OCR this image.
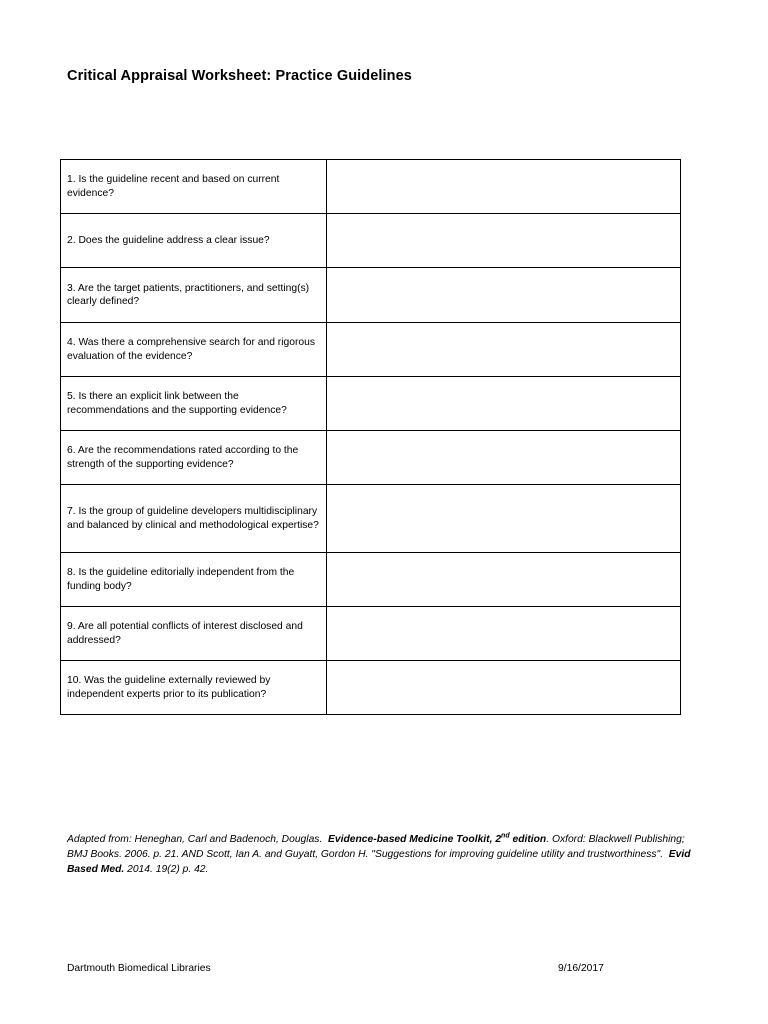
Critical Appraisal Worksheet: Practice Guidelines
1. Is the guideline recent and based on current evidence?	
2. Does the guideline address a clear issue?	
3. Are the target patients, practitioners, and setting(s) clearly defined?	
4. Was there a comprehensive search for and rigorous evaluation of the evidence?	
5. Is there an explicit link between the recommendations and the supporting evidence?	
6. Are the recommendations rated according to the strength of the supporting evidence?	
7. Is the group of guideline developers multidisciplinary and balanced by clinical and methodological expertise?	
8. Is the guideline editorially independent from the funding body?	
9. Are all potential conflicts of interest disclosed and addressed?	
10. Was the guideline externally reviewed by independent experts prior to its publication?	
Adapted from: Heneghan, Carl and Badenoch, Douglas. Evidence-based Medicine Toolkit, 2nd edition. Oxford: Blackwell Publishing; BMJ Books. 2006. p. 21. AND Scott, Ian A. and Guyatt, Gordon H. "Suggestions for improving guideline utility and trustworthiness". Evid Based Med. 2014. 19(2) p. 42.
Dartmouth Biomedical Libraries	9/16/2017
